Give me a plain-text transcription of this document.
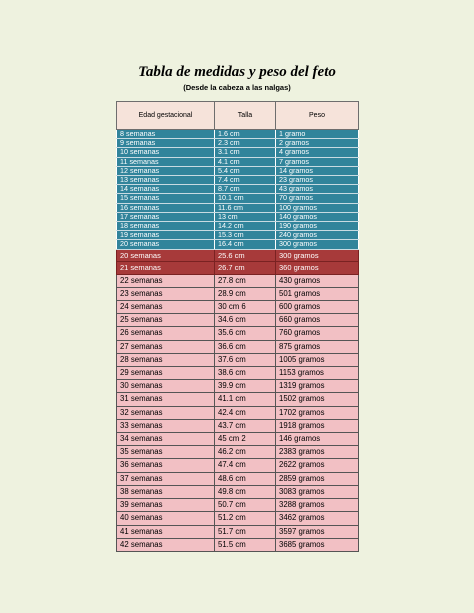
Tabla de medidas y peso del feto

(Desde la cabeza a las nalgas)

Edad gestacional	Talla	Peso
8 semanas	1.6 cm	1 gramo
9 semanas	2.3 cm	2 gramos
10 semanas	3.1 cm	4 gramos
11 semanas	4.1 cm	7 gramos
12 semanas	5.4 cm	14 gramos
13 semanas	7.4 cm	23 gramos
14 semanas	8.7 cm	43 gramos
15 semanas	10.1 cm	70 gramos
16 semanas	11.6 cm	100 gramos
17 semanas	13 cm	140 gramos
18 semanas	14.2 cm	190 gramos
19 semanas	15.3 cm	240 gramos
20 semanas	16.4 cm	300 gramos
20 semanas	25.6 cm	300 gramos
21 semanas	26.7 cm	360 gramos
22 semanas	27.8 cm	430 gramos
23 semanas	28.9 cm	501 gramos
24 semanas	30 cm 6	600 gramos
25 semanas	34.6 cm	660 gramos
26 semanas	35.6 cm	760 gramos
27 semanas	36.6 cm	875 gramos
28 semanas	37.6 cm	1005 gramos
29 semanas	38.6 cm	1153 gramos
30 semanas	39.9 cm	1319 gramos
31 semanas	41.1 cm	1502 gramos
32 semanas	42.4 cm	1702 gramos
33 semanas	43.7 cm	1918 gramos
34 semanas	45 cm 2	146 gramos
35 semanas	46.2 cm	2383 gramos
36 semanas	47.4 cm	2622 gramos
37 semanas	48.6 cm	2859 gramos
38 semanas	49.8 cm	3083 gramos
39 semanas	50.7 cm	3288 gramos
40 semanas	51.2 cm	3462 gramos
41 semanas	51.7 cm	3597 gramos
42 semanas	51.5 cm	3685 gramos
